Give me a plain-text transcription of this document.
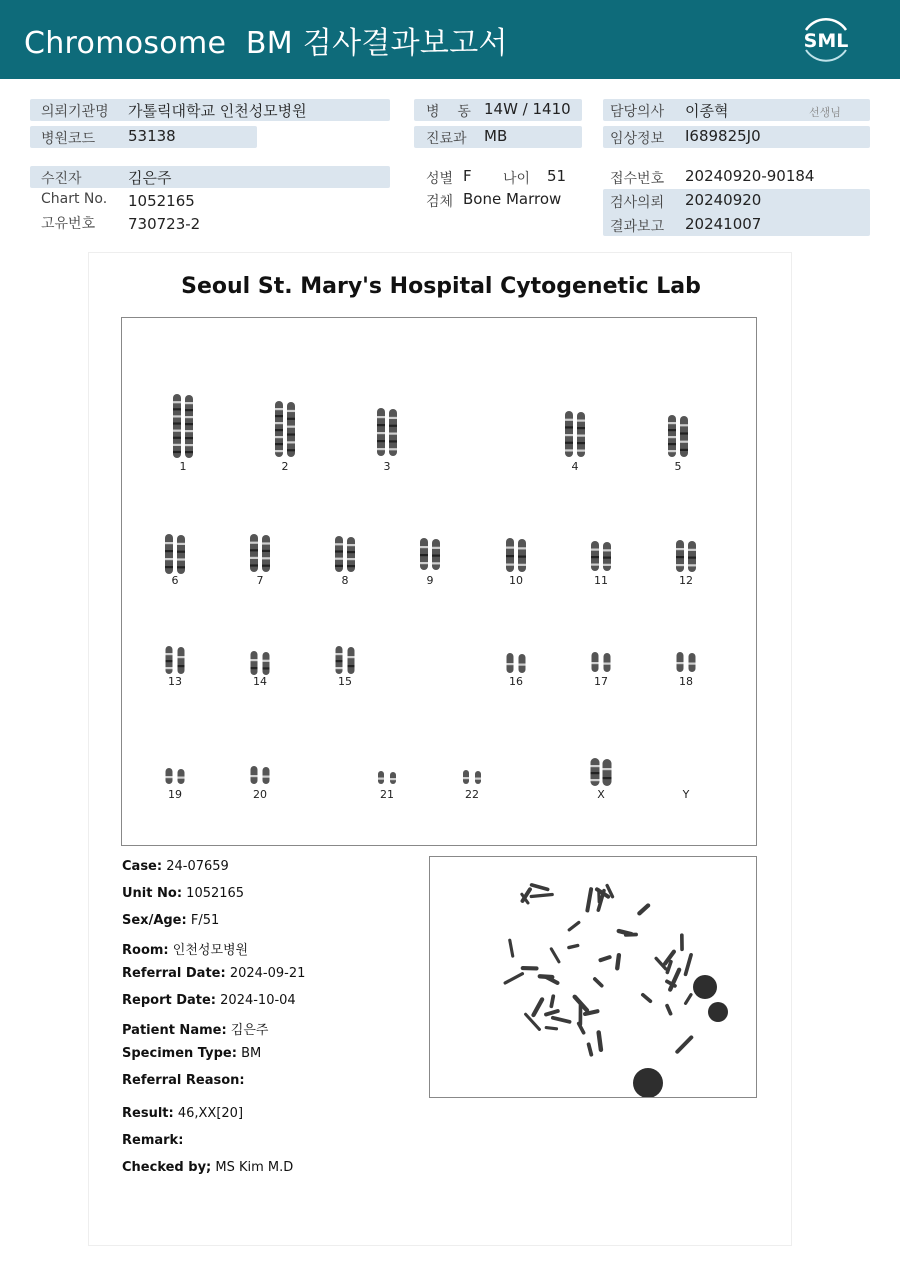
Chromosome  BM 검사결과보고서	SML
의뢰기관명 가톨릭대학교 인천성모병원
병원코드 53138
병    동 14W / 1410
진료과 MB
담당의사 이종혁	선생님
임상정보 I689825J0
수진자	김은주
Chart No. 1052165
고유번호 730723-2
성별 F 나이 51
검체 Bone Marrow
접수번호 20240920-90184
검사의뢰 20240920
결과보고 20241007
Seoul St. Mary's Hospital Cytogenetic Lab
1	2	3	4	5
6	7	8	9	10	11	12
13	14	15	16	17	18
19	20	21	22	X	Y
Case: 24-07659
Unit No: 1052165
Sex/Age: F/51
Room: 인천성모병원
Referral Date: 2024-09-21
Report Date: 2024-10-04
Patient Name: 김은주
Specimen Type: BM
Referral Reason:
Result: 46,XX[20]
Remark:
Checked by; MS Kim M.D
